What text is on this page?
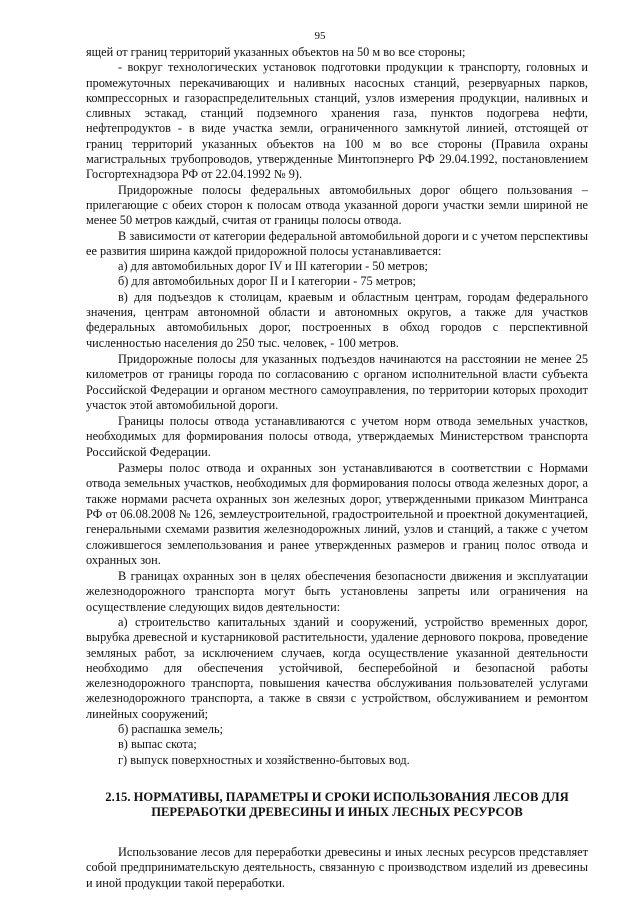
95

ящей от границ территорий указанных объектов на 50 м во все стороны;

- вокруг технологических установок подготовки продукции к транспорту, головных и промежуточных перекачивающих и наливных насосных станций, резервуарных парков, компрессорных и газораспределительных станций, узлов измерения продукции, наливных и сливных эстакад, станций подземного хранения газа, пунктов подогрева нефти, нефтепродуктов - в виде участка земли, ограниченного замкнутой линией, отстоящей от границ территорий указанных объектов на 100 м во все стороны (Правила охраны магистральных трубопроводов, утвержденные Минтопэнерго РФ 29.04.1992, постановлением Госгортехнадзора РФ от 22.04.1992 № 9).

Придорожные полосы федеральных автомобильных дорог общего пользования – прилегающие с обеих сторон к полосам отвода указанной дороги участки земли шириной не менее 50 метров каждый, считая от границы полосы отвода.

В зависимости от категории федеральной автомобильной дороги и с учетом перспективы ее развития ширина каждой придорожной полосы устанавливается:

а) для автомобильных дорог IV и III категории - 50 метров;

б) для автомобильных дорог II и I категории - 75 метров;

в) для подъездов к столицам, краевым и областным центрам, городам федерального значения, центрам автономной области и автономных округов, а также для участков федеральных автомобильных дорог, построенных в обход городов с перспективной численностью населения до 250 тыс. человек, - 100 метров.

Придорожные полосы для указанных подъездов начинаются на расстоянии не менее 25 километров от границы города по согласованию с органом исполнительной власти субъекта Российской Федерации и органом местного самоуправления, по территории которых проходит участок этой автомобильной дороги.

Границы полосы отвода устанавливаются с учетом норм отвода земельных участков, необходимых для формирования полосы отвода, утверждаемых Министерством транспорта Российской Федерации.

Размеры полос отвода и охранных зон устанавливаются в соответствии с Нормами отвода земельных участков, необходимых для формирования полосы отвода железных дорог, а также нормами расчета охранных зон железных дорог, утвержденными приказом Минтранса РФ от 06.08.2008 № 126, землеустроительной, градостроительной и проектной документацией, генеральными схемами развития железнодорожных линий, узлов и станций, а также с учетом сложившегося землепользования и ранее утвержденных размеров и границ полос отвода и охранных зон.

В границах охранных зон в целях обеспечения безопасности движения и эксплуатации железнодорожного транспорта могут быть установлены запреты или ограничения на осуществление следующих видов деятельности:

а) строительство капитальных зданий и сооружений, устройство временных дорог, вырубка древесной и кустарниковой растительности, удаление дернового покрова, проведение земляных работ, за исключением случаев, когда осуществление указанной деятельности необходимо для обеспечения устойчивой, бесперебойной и безопасной работы железнодорожного транспорта, повышения качества обслуживания пользователей услугами железнодорожного транспорта, а также в связи с устройством, обслуживанием и ремонтом линейных сооружений;

б) распашка земель;

в) выпас скота;

г) выпуск поверхностных и хозяйственно-бытовых вод.

2.15. НОРМАТИВЫ, ПАРАМЕТРЫ И СРОКИ ИСПОЛЬЗОВАНИЯ ЛЕСОВ ДЛЯ ПЕРЕРАБОТКИ ДРЕВЕСИНЫ И ИНЫХ ЛЕСНЫХ РЕСУРСОВ

Использование лесов для переработки древесины и иных лесных ресурсов представляет собой предпринимательскую деятельность, связанную с производством изделий из древесины и иной продукции такой переработки.
